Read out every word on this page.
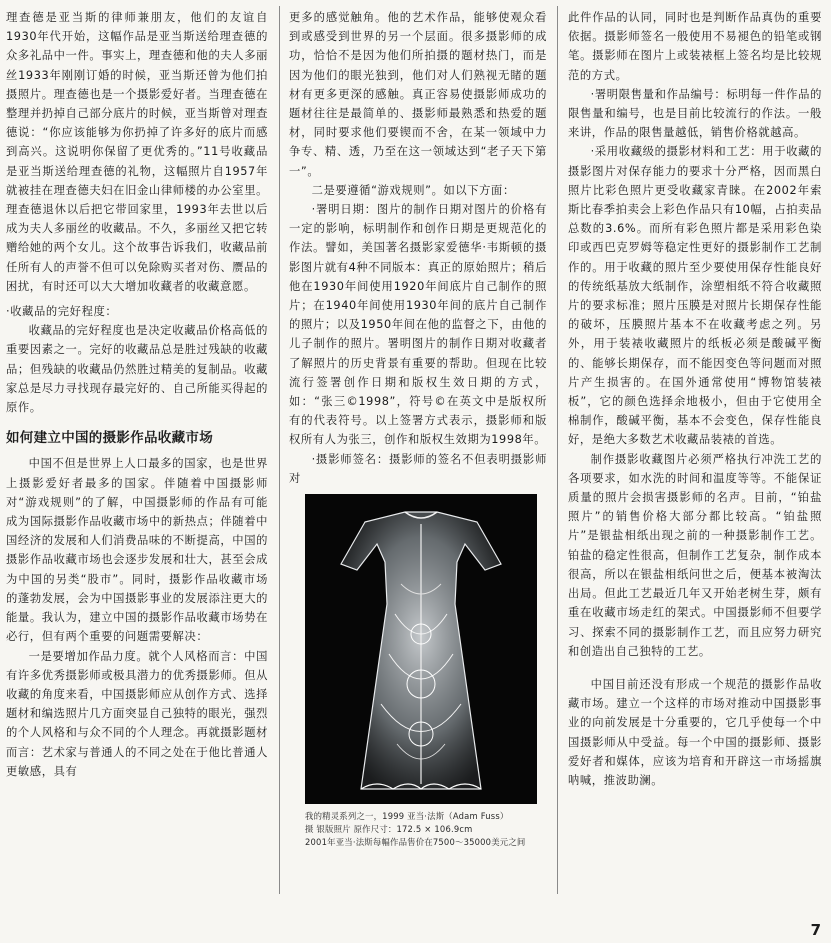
理查德是亚当斯的律师兼朋友，他们的友谊自1930年代开始，这幅作品是亚当斯送给理查德的众多礼品中一件。事实上，理查德和他的夫人多丽丝1933年刚刚订婚的时候，亚当斯还曾为他们拍摄照片。理查德也是一个摄影爱好者。当理查德在整理并扔掉自己部分底片的时候，亚当斯曾对理查德说：“你应该能够为你扔掉了许多好的底片而感到高兴。这说明你保留了更优秀的。”11号收藏品是亚当斯送给理查德的礼物，这幅照片自1957年就被挂在理查德夫妇在旧金山律师楼的办公室里。理查德退休以后把它带回家里，1993年去世以后成为夫人多丽丝的收藏品。不久，多丽丝又把它转赠给她的两个女儿。这个故事告诉我们，收藏品前任所有人的声誉不但可以免除购买者对伤、赝品的困扰，有时还可以大大增加收藏者的收藏意愿。

·收藏品的完好程度：

收藏品的完好程度也是决定收藏品价格高低的重要因素之一。完好的收藏品总是胜过残缺的收藏品；但残缺的收藏品仍然胜过精美的复制品。收藏家总是尽力寻找现存最完好的、自己所能买得起的原作。

如何建立中国的摄影作品收藏市场

中国不但是世界上人口最多的国家，也是世界上摄影爱好者最多的国家。伴随着中国摄影师对“游戏规则”的了解，中国摄影师的作品有可能成为国际摄影作品收藏市场中的新热点；伴随着中国经济的发展和人们消费品味的不断提高，中国的摄影作品收藏市场也会逐步发展和壮大，甚至会成为中国的另类“股市”。同时，摄影作品收藏市场的蓬勃发展，会为中国摄影事业的发展添注更大的能量。我认为，建立中国的摄影作品收藏市场势在必行，但有两个重要的问题需要解决：

一是要增加作品力度。就个人风格而言：中国有许多优秀摄影师或极具潜力的优秀摄影师。但从收藏的角度来看，中国摄影师应从创作方式、选择题材和编选照片几方面突显自己独特的眼光，强烈的个人风格和与众不同的个人理念。再就摄影题材而言：艺术家与普通人的不同之处在于他比普通人更敏感，具有

更多的感觉触角。他的艺术作品，能够使观众看到或感受到世界的另一个层面。很多摄影师的成功，恰恰不是因为他们所拍摄的题材热门，而是因为他们的眼光独到，他们对人们熟视无睹的题材有更多更深的感触。真正容易使摄影师成功的题材往往是最简单的、摄影师最熟悉和热爱的题材，同时要求他们要锲而不舍，在某一领域中力争专、精、透，乃至在这一领域达到“老子天下第一”。

二是要遵循“游戏规则”。如以下方面：

·署明日期：图片的制作日期对图片的价格有一定的影响，标明制作和创作日期是更规范化的作法。譬如，美国著名摄影家爱德华·韦斯顿的摄影图片就有4种不同版本：真正的原始照片；稍后他在1930年间使用1920年间底片自己制作的照片；在1940年间使用1930年间的底片自己制作的照片；以及1950年间在他的监督之下，由他的儿子制作的照片。署明图片的制作日期对收藏者了解照片的历史背景有重要的帮助。但现在比较流行签署创作日期和版权生效日期的方式，如：“张三©1998”，符号©在英文中是版权所有的代表符号。以上签署方式表示，摄影师和版权所有人为张三，创作和版权生效期为1998年。

·摄影师签名：摄影师的签名不但表明摄影师对

我的精灵系列之一，1999 亚当·法斯（Adam Fuss）
摄 银版照片 原作尺寸：172.5 × 106.9cm
2001年亚当·法斯每幅作品售价在7500～35000美元之间

此件作品的认同，同时也是判断作品真伪的重要依据。摄影师签名一般使用不易褪色的铅笔或钢笔。摄影师在图片上或装裱框上签名均是比较规范的方式。

·署明限售量和作品编号：标明每一件作品的限售量和编号，也是目前比较流行的作法。一般来讲，作品的限售量越低，销售价格就越高。

·采用收藏级的摄影材料和工艺：用于收藏的摄影图片对保存能力的要求十分严格，因而黑白照片比彩色照片更受收藏家青睐。在2002年索斯比春季拍卖会上彩色作品只有10幅，占拍卖品总数的3.6%。而所有彩色照片都是采用彩色染印或西巴克罗姆等稳定性更好的摄影制作工艺制作的。用于收藏的照片至少要使用保存性能良好的传统纸基放大纸制作，涂塑相纸不符合收藏照片的要求标准；照片压膜是对照片长期保存性能的破坏，压膜照片基本不在收藏考虑之列。另外，用于装裱收藏照片的纸板必须是酸碱平衡的、能够长期保存，而不能因变色等问题而对照片产生损害的。在国外通常使用“博物馆装裱板”，它的颜色选择余地极小，但由于它使用全棉制作，酸碱平衡，基本不会变色，保存性能良好，是绝大多数艺术收藏品装裱的首选。

制作摄影收藏图片必须严格执行冲洗工艺的各项要求，如水洗的时间和温度等等。不能保证质量的照片会损害摄影师的名声。目前，“铂盐照片”的销售价格大部分都比较高。“铂盐照片”是银盐相纸出现之前的一种摄影制作工艺。铂盐的稳定性很高，但制作工艺复杂，制作成本很高，所以在银盐相纸问世之后，便基本被淘汰出局。但此工艺最近几年又开始老树生芽，颇有重在收藏市场走红的架式。中国摄影师不但要学习、探索不同的摄影制作工艺，而且应努力研究和创造出自己独特的工艺。

中国目前还没有形成一个规范的摄影作品收藏市场。建立一个这样的市场对推动中国摄影事业的向前发展是十分重要的，它几乎使每一个中国摄影师从中受益。每一个中国的摄影师、摄影爱好者和媒体，应该为培育和开辟这一市场摇旗呐喊，推波助澜。

7
